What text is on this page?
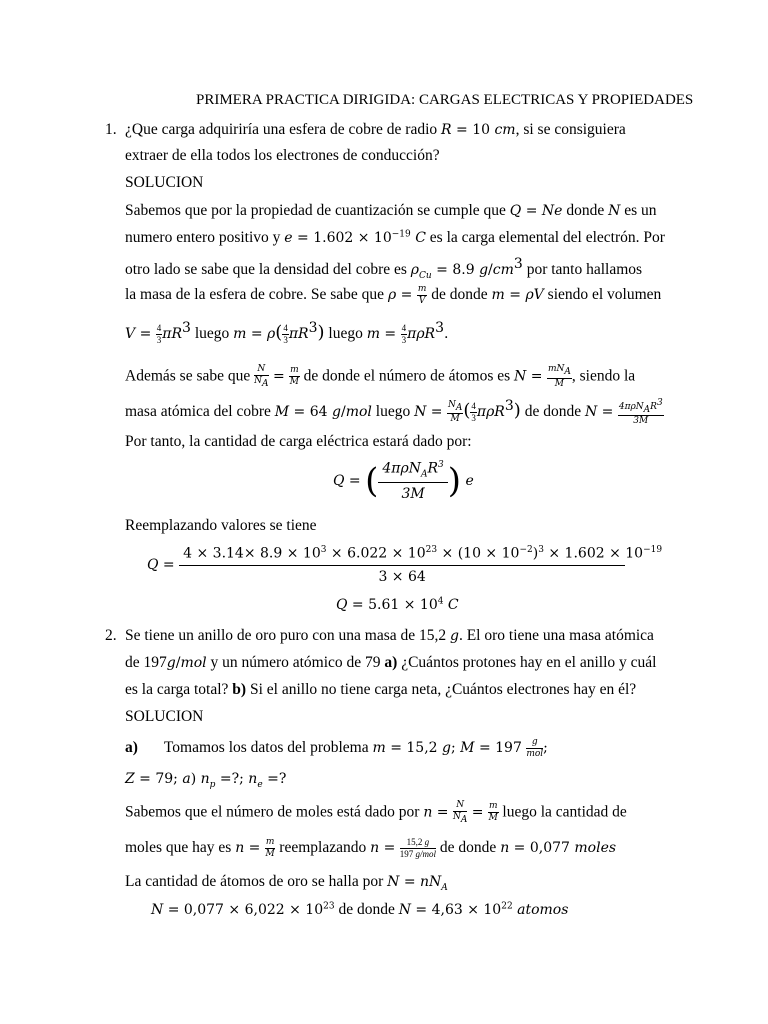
PRIMERA PRACTICA DIRIGIDA: CARGAS ELECTRICAS Y PROPIEDADES
1. ¿Que carga adquiriría una esfera de cobre de radio R = 10 cm, si se consiguiera
extraer de ella todos los electrones de conducción?
SOLUCION
Sabemos que por la propiedad de cuantización se cumple que Q = Ne donde N es un
numero entero positivo y $e = 1.602 \times 10^{-19}$ C es la carga elemental del electrón. Por
otro lado se sabe que la densidad del cobre es $\rho_{Cu} = 8.9$ $g/cm^3$ por tanto hallamos
la masa de la esfera de cobre. Se sabe que $\rho = \frac{m}{V}$ de donde m = ρV siendo el volumen
$V = \frac{4}{3} \pi R^3$ luego $m = \rho( \frac{4}{3} \pi R^3)$ luego $m = \frac{4}{3} \pi\rho R^3$.
Además se sabe que $\frac{N}{N_A} = \frac{m}{M}$ de donde el número de átomos es $N = \frac{mN_A}{M}$ , siendo la
masa atómica del cobre M = 64 g/mol luego $N = \frac{N_A}{M}$ ( $\frac{4}{3} \pi\rho R^3$) de donde $N = \frac{4\pi\rho N_AR^3}{3M}$
Por tanto, la cantidad de carga eléctrica estará dado por:
Q = ( $4\pi\rho N_AR^3$
3M ) e
Reemplazando valores se tiene
Q =
$4 \times 3.14\times 8.9 \times 10^3 \times 6.022 \times 10^{23} \times (10 \times 10^{-2})^3 \times 1.602 \times 10^{-19}$
3 × 64
$Q = 5.61 \times 10^4$ C
2. Se tiene un anillo de oro puro con una masa de 15,2 g. El oro tiene una masa atómica
de 197g/mol y un número atómico de 79 a) ¿Cuántos protones hay en el anillo y cuál
es la carga total? b) Si el anillo no tiene carga neta, ¿Cuántos electrones hay en él?
SOLUCION
a) Tomamos los datos del problema m = 15,2 g; $M = 197 \frac{g}{\text{mol}}$ ;
Z = 79; a) $n_p$ =?; $n_e$ =?
Sabemos que el número de moles está dado por $n = \frac{N}{N_A} = \frac{m}{M}$ luego la cantidad de
moles que hay es $n = \frac{m}{M}$ reemplazando $n = \frac{15,2 g}{\text{197 g/mol}}$ de donde n = 0,077 moles
La cantidad de átomos de oro se halla por $N = nN_A$
$N = 0,077 \times 6,022 \times 10^{23}$ de donde $N = 4,63 \times 10^{22}$ atomos
